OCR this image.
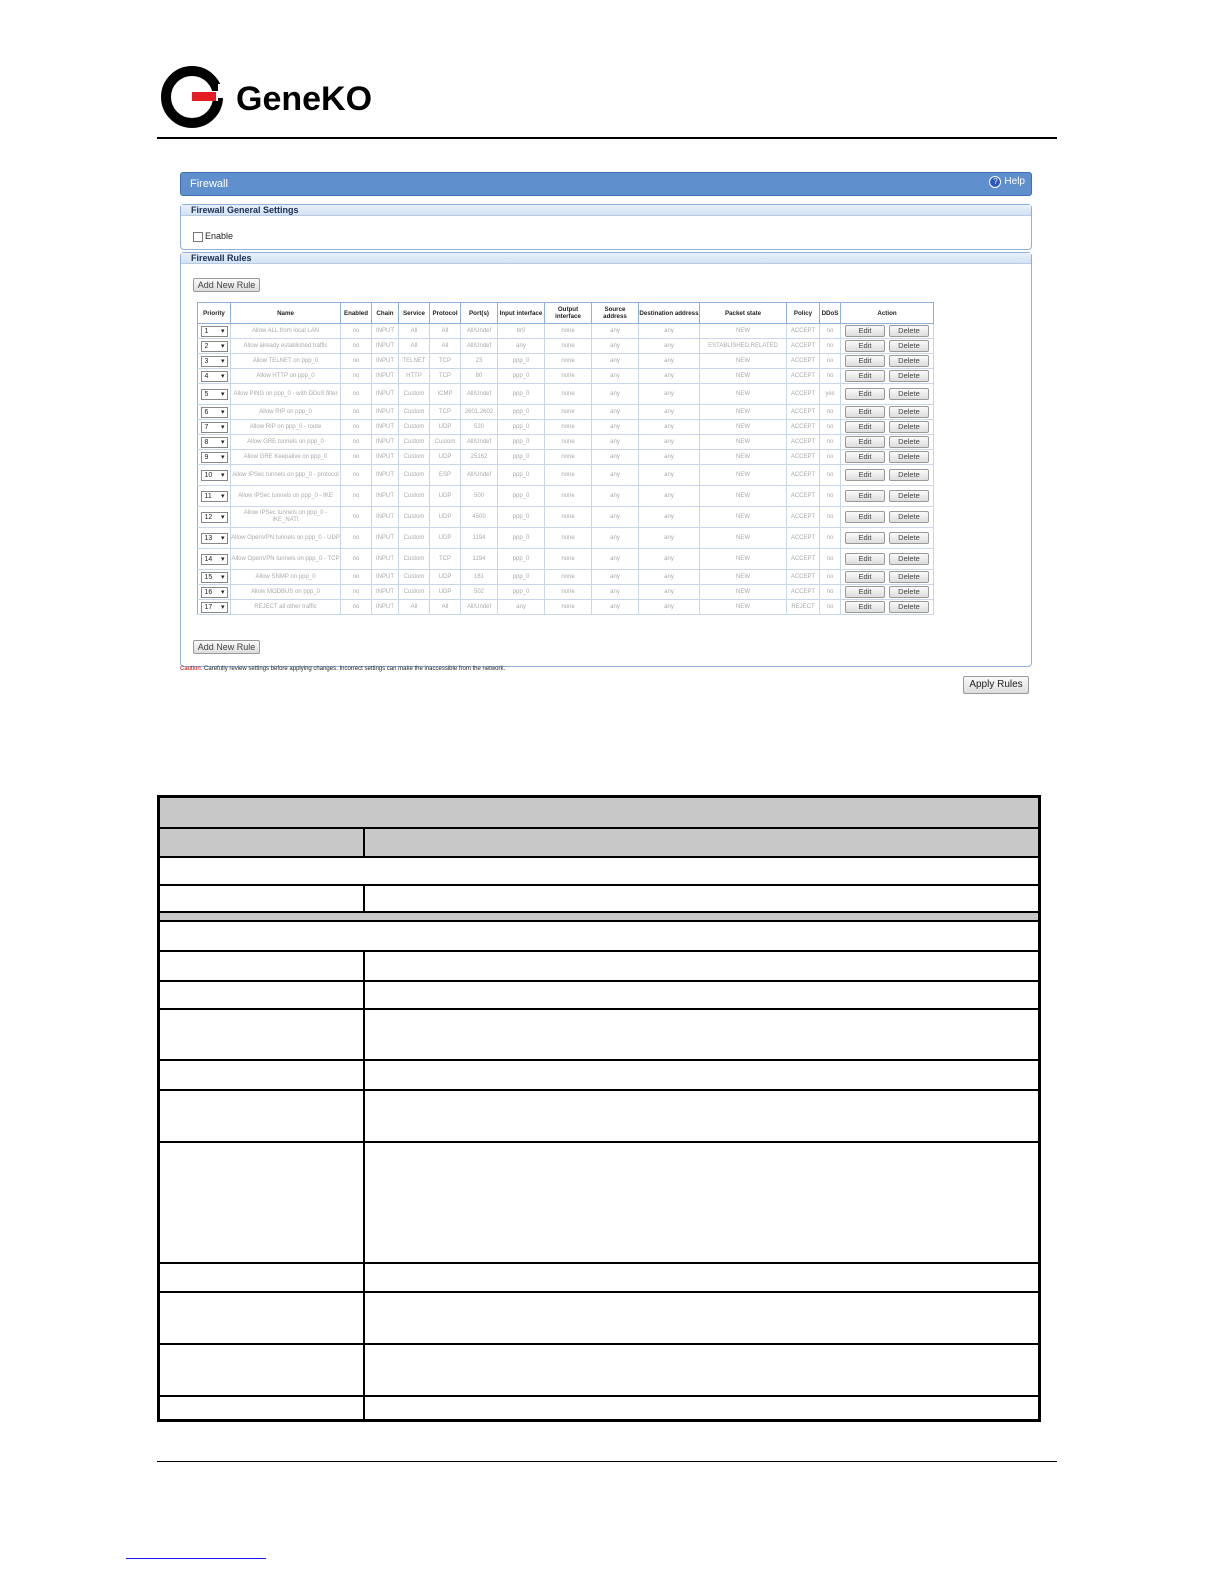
GeneKO
Firewall	? Help
Firewall General Settings
Enable
Firewall Rules
Add New Rule
Add New Rule
Priority	Name	Enabled	Chain	Service	Protocol	Port(s)	Input interface	Output interface	Source address	Destination address	Packet state	Policy	DDoS	Action
1 ▾	Allow ALL from local LAN	no	INPUT	All	All	All/Undef	br0	none	any	any	NEW	ACCEPT	no	Edit Delete
2 ▾	Allow already established traffic	no	INPUT	All	All	All/Undef	any	none	any	any	ESTABLISHED,RELATED	ACCEPT	no	Edit Delete
3 ▾	Allow TELNET on ppp_0	no	INPUT	TELNET	TCP	23	ppp_0	none	any	any	NEW	ACCEPT	no	Edit Delete
4 ▾	Allow HTTP on ppp_0	no	INPUT	HTTP	TCP	80	ppp_0	none	any	any	NEW	ACCEPT	no	Edit Delete
5 ▾	Allow PING on ppp_0 - with DDoS filter	no	INPUT	Custom	ICMP	All/Undef	ppp_0	none	any	any	NEW	ACCEPT	yes	Edit Delete
6 ▾	Allow RIP on ppp_0	no	INPUT	Custom	TCP	2601,2602	ppp_0	none	any	any	NEW	ACCEPT	no	Edit Delete
7 ▾	Allow RIP on ppp_0 - route	no	INPUT	Custom	UDP	520	ppp_0	none	any	any	NEW	ACCEPT	no	Edit Delete
8 ▾	Allow GRE tunnels on ppp_0	no	INPUT	Custom	Custom	All/Undef	ppp_0	none	any	any	NEW	ACCEPT	no	Edit Delete
9 ▾	Allow GRE Keepalive on ppp_0	no	INPUT	Custom	UDP	25162	ppp_0	none	any	any	NEW	ACCEPT	no	Edit Delete
10 ▾	Allow IPSec tunnels on ppp_0 - protocol	no	INPUT	Custom	ESP	All/Undef	ppp_0	none	any	any	NEW	ACCEPT	no	Edit Delete
11 ▾	Allow IPSec tunnels on ppp_0 - IKE	no	INPUT	Custom	UDP	500	ppp_0	none	any	any	NEW	ACCEPT	no	Edit Delete
12 ▾	Allow IPSec tunnels on ppp_0 - IKE_NATt	no	INPUT	Custom	UDP	4500	ppp_0	none	any	any	NEW	ACCEPT	no	Edit Delete
13 ▾	Allow OpenVPN tunnels on ppp_0 - UDP	no	INPUT	Custom	UDP	1194	ppp_0	none	any	any	NEW	ACCEPT	no	Edit Delete
14 ▾	Allow OpenVPN tunnels on ppp_0 - TCP	no	INPUT	Custom	TCP	1194	ppp_0	none	any	any	NEW	ACCEPT	no	Edit Delete
15 ▾	Allow SNMP on ppp_0	no	INPUT	Custom	UDP	161	ppp_0	none	any	any	NEW	ACCEPT	no	Edit Delete
16 ▾	Allow MODBUS on ppp_0	no	INPUT	Custom	UDP	502	ppp_0	none	any	any	NEW	ACCEPT	no	Edit Delete
17 ▾	REJECT all other traffic	no	INPUT	All	All	All/Undef	any	none	any	any	NEW	REJECT	no	Edit Delete
Caution. Carefully review settings before applying changes. Incorrect settings can make the inaccessible from the network.
Apply Rules
